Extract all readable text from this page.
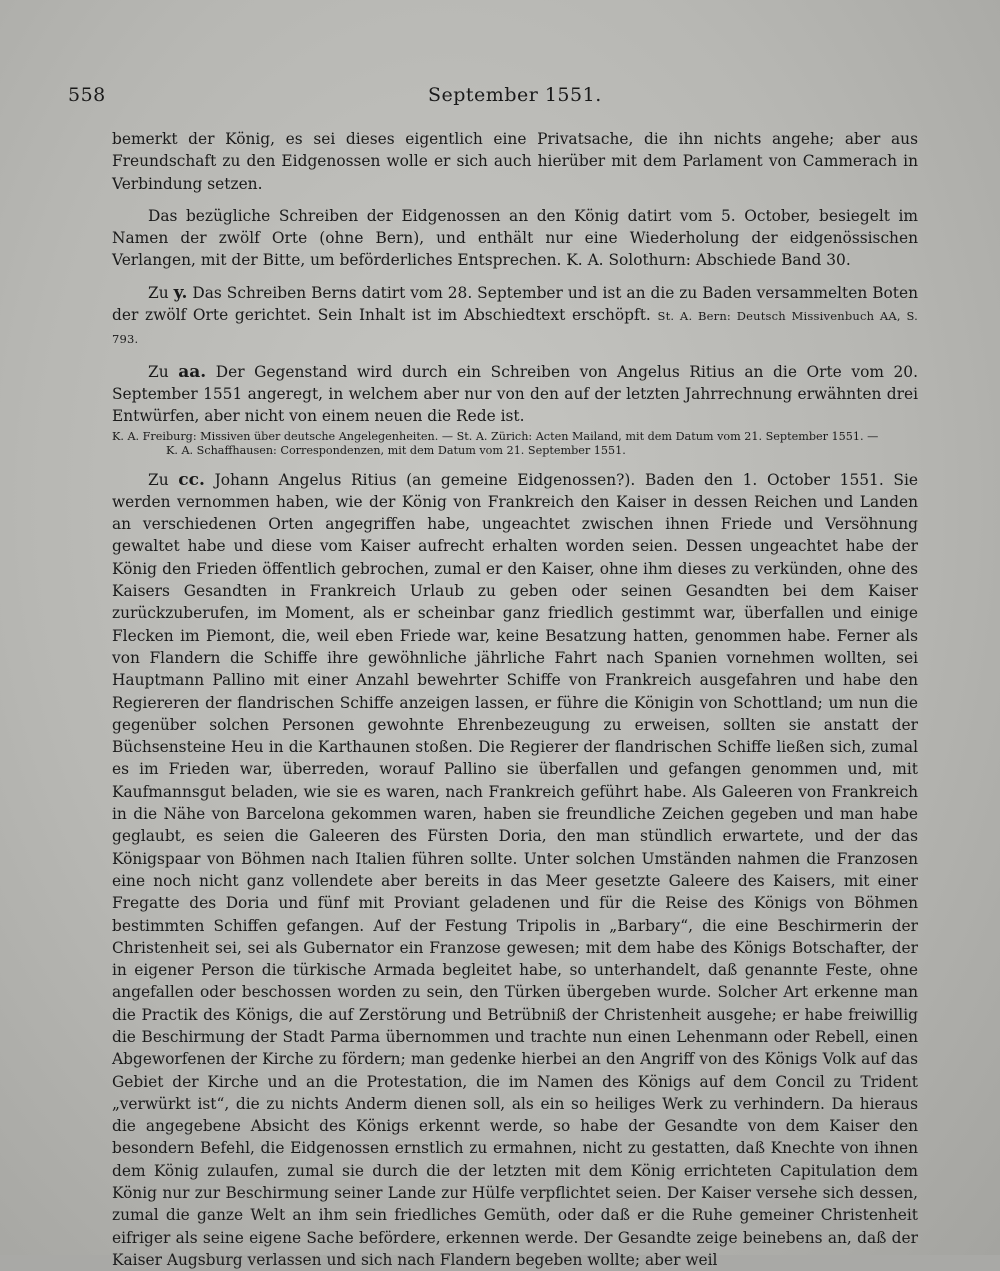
558	September 1551.

bemerkt der König, es sei dieses eigentlich eine Privatsache, die ihn nichts angehe; aber aus Freundschaft zu den Eidgenossen wolle er sich auch hierüber mit dem Parlament von Cammerach in Verbindung setzen.

Das bezügliche Schreiben der Eidgenossen an den König datirt vom 5. October, besiegelt im Namen der zwölf Orte (ohne Bern), und enthält nur eine Wiederholung der eidgenössischen Verlangen, mit der Bitte, um beförderliches Entsprechen. K. A. Solothurn: Abschiede Band 30.

Zu y. Das Schreiben Berns datirt vom 28. September und ist an die zu Baden versammelten Boten der zwölf Orte gerichtet. Sein Inhalt ist im Abschiedtext erschöpft. St. A. Bern: Deutsch Missivenbuch AA, S. 793.

Zu aa. Der Gegenstand wird durch ein Schreiben von Angelus Ritius an die Orte vom 20. September 1551 angeregt, in welchem aber nur von den auf der letzten Jahrrechnung erwähnten drei Entwürfen, aber nicht von einem neuen die Rede ist.

K. A. Freiburg: Missiven über deutsche Angelegenheiten. — St. A. Zürich: Acten Mailand, mit dem Datum vom 21. September 1551. —
K. A. Schaffhausen: Correspondenzen, mit dem Datum vom 21. September 1551.

Zu cc. Johann Angelus Ritius (an gemeine Eidgenossen?). Baden den 1. October 1551. Sie werden vernommen haben, wie der König von Frankreich den Kaiser in dessen Reichen und Landen an verschiedenen Orten angegriffen habe, ungeachtet zwischen ihnen Friede und Versöhnung gewaltet habe und diese vom Kaiser aufrecht erhalten worden seien. Dessen ungeachtet habe der König den Frieden öffentlich gebrochen, zumal er den Kaiser, ohne ihm dieses zu verkünden, ohne des Kaisers Gesandten in Frankreich Urlaub zu geben oder seinen Gesandten bei dem Kaiser zurückzuberufen, im Moment, als er scheinbar ganz friedlich gestimmt war, überfallen und einige Flecken im Piemont, die, weil eben Friede war, keine Besatzung hatten, genommen habe. Ferner als von Flandern die Schiffe ihre gewöhnliche jährliche Fahrt nach Spanien vornehmen wollten, sei Hauptmann Pallino mit einer Anzahl bewehrter Schiffe von Frankreich ausgefahren und habe den Regiereren der flandrischen Schiffe anzeigen lassen, er führe die Königin von Schottland; um nun die gegenüber solchen Personen gewohnte Ehrenbezeugung zu erweisen, sollten sie anstatt der Büchsensteine Heu in die Karthaunen stoßen. Die Regierer der flandrischen Schiffe ließen sich, zumal es im Frieden war, überreden, worauf Pallino sie überfallen und gefangen genommen und, mit Kaufmannsgut beladen, wie sie es waren, nach Frankreich geführt habe. Als Galeeren von Frankreich in die Nähe von Barcelona gekommen waren, haben sie freundliche Zeichen gegeben und man habe geglaubt, es seien die Galeeren des Fürsten Doria, den man stündlich erwartete, und der das Königspaar von Böhmen nach Italien führen sollte. Unter solchen Umständen nahmen die Franzosen eine noch nicht ganz vollendete aber bereits in das Meer gesetzte Galeere des Kaisers, mit einer Fregatte des Doria und fünf mit Proviant geladenen und für die Reise des Königs von Böhmen bestimmten Schiffen gefangen. Auf der Festung Tripolis in „Barbary“, die eine Beschirmerin der Christenheit sei, sei als Gubernator ein Franzose gewesen; mit dem habe des Königs Botschafter, der in eigener Person die türkische Armada begleitet habe, so unterhandelt, daß genannte Feste, ohne angefallen oder beschossen worden zu sein, den Türken übergeben wurde. Solcher Art erkenne man die Practik des Königs, die auf Zerstörung und Betrübniß der Christenheit ausgehe; er habe freiwillig die Beschirmung der Stadt Parma übernommen und trachte nun einen Lehenmann oder Rebell, einen Abgeworfenen der Kirche zu fördern; man gedenke hierbei an den Angriff von des Königs Volk auf das Gebiet der Kirche und an die Protestation, die im Namen des Königs auf dem Concil zu Trident „verwürkt ist“, die zu nichts Anderm dienen soll, als ein so heiliges Werk zu verhindern. Da hieraus die angegebene Absicht des Königs erkennt werde, so habe der Gesandte von dem Kaiser den besondern Befehl, die Eidgenossen ernstlich zu ermahnen, nicht zu gestatten, daß Knechte von ihnen dem König zulaufen, zumal sie durch die der letzten mit dem König errichteten Capitulation dem König nur zur Beschirmung seiner Lande zur Hülfe verpflichtet seien. Der Kaiser versehe sich dessen, zumal die ganze Welt an ihm sein friedliches Gemüth, oder daß er die Ruhe gemeiner Christenheit eifriger als seine eigene Sache befördere, erkennen werde. Der Gesandte zeige beinebens an, daß der Kaiser Augsburg verlassen und sich nach Flandern begeben wollte; aber weil
